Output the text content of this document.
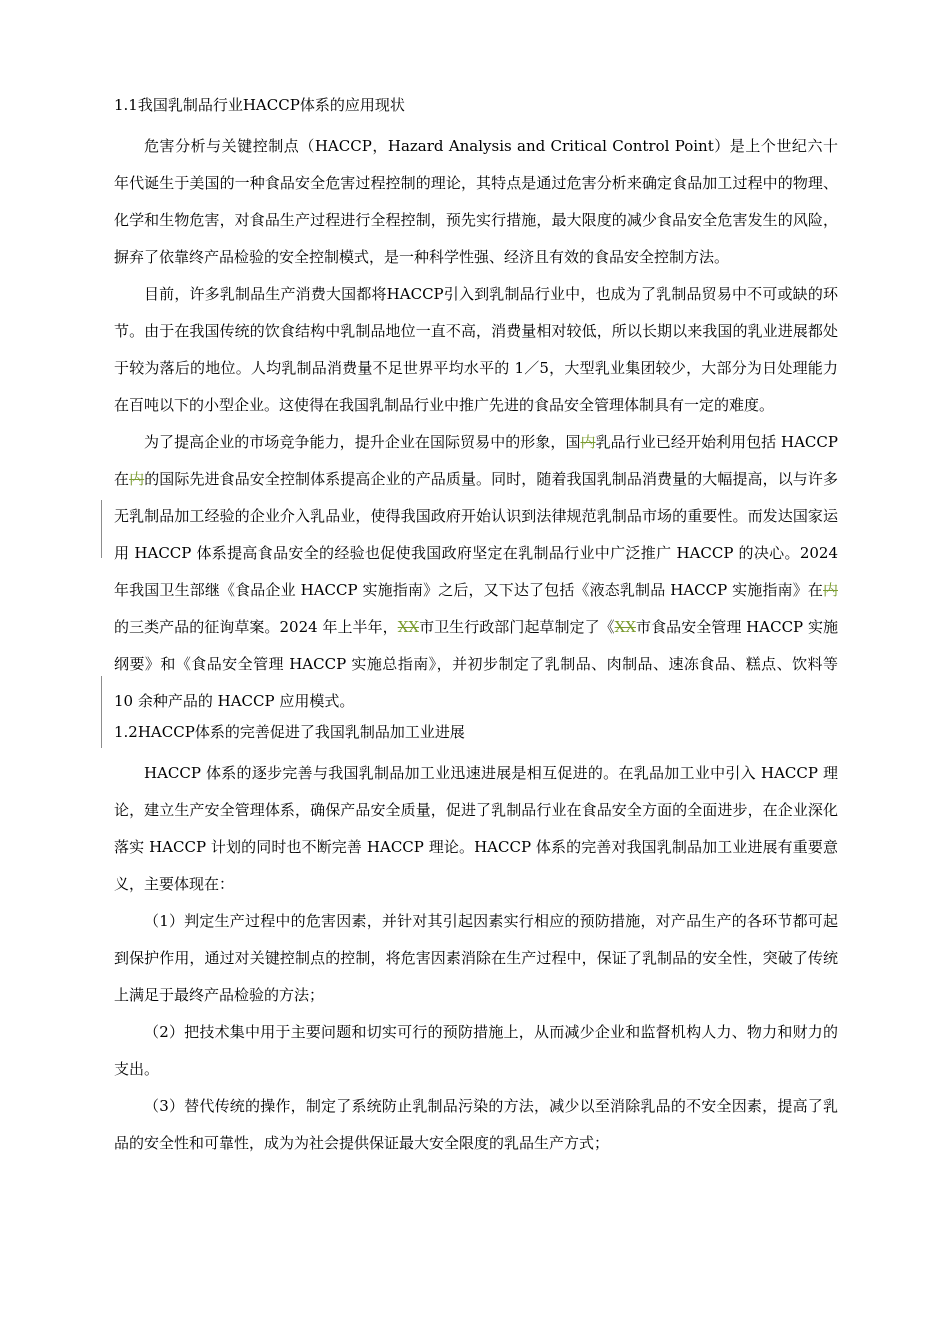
1.1我国乳制品行业HACCP体系的应用现状

危害分析与关键控制点（HACCP，Hazard Analysis and Critical Control Point）是上个世纪六十年代诞生于美国的一种食品安全危害过程控制的理论，其特点是通过危害分析来确定食品加工过程中的物理、化学和生物危害，对食品生产过程进行全程控制，预先实行措施，最大限度的减少食品安全危害发生的风险，摒弃了依靠终产品检验的安全控制模式，是一种科学性强、经济且有效的食品安全控制方法。

目前，许多乳制品生产消费大国都将HACCP引入到乳制品行业中，也成为了乳制品贸易中不可或缺的环节。由于在我国传统的饮食结构中乳制品地位一直不高，消费量相对较低，所以长期以来我国的乳业进展都处于较为落后的地位。人均乳制品消费量不足世界平均水平的 1／5，大型乳业集团较少，大部分为日处理能力在百吨以下的小型企业。这使得在我国乳制品行业中推广先进的食品安全管理体制具有一定的难度。

为了提高企业的市场竞争能力，提升企业在国际贸易中的形象，国内乳品行业已经开始利用包括 HACCP 在内的国际先进食品安全控制体系提高企业的产品质量。同时，随着我国乳制品消费量的大幅提高，以与许多无乳制品加工经验的企业介入乳品业，使得我国政府开始认识到法律规范乳制品市场的重要性。而发达国家运用 HACCP 体系提高食品安全的经验也促使我国政府坚定在乳制品行业中广泛推广 HACCP 的决心。2024 年我国卫生部继《食品企业 HACCP 实施指南》之后，又下达了包括《液态乳制品 HACCP 实施指南》在内的三类产品的征询草案。2024 年上半年，XX市卫生行政部门起草制定了《XX市食品安全管理 HACCP 实施纲要》和《食品安全管理 HACCP 实施总指南》，并初步制定了乳制品、肉制品、速冻食品、糕点、饮料等 10 余种产品的 HACCP 应用模式。

1.2HACCP体系的完善促进了我国乳制品加工业进展

HACCP 体系的逐步完善与我国乳制品加工业迅速进展是相互促进的。在乳品加工业中引入 HACCP 理论，建立生产安全管理体系，确保产品安全质量，促进了乳制品行业在食品安全方面的全面进步，在企业深化落实 HACCP 计划的同时也不断完善 HACCP 理论。HACCP 体系的完善对我国乳制品加工业进展有重要意义，主要体现在：

（1）判定生产过程中的危害因素，并针对其引起因素实行相应的预防措施，对产品生产的各环节都可起到保护作用，通过对关键控制点的控制，将危害因素消除在生产过程中，保证了乳制品的安全性，突破了传统上满足于最终产品检验的方法；

（2）把技术集中用于主要问题和切实可行的预防措施上，从而减少企业和监督机构人力、物力和财力的支出。

（3）替代传统的操作，制定了系统防止乳制品污染的方法，减少以至消除乳品的不安全因素，提高了乳品的安全性和可靠性，成为为社会提供保证最大安全限度的乳品生产方式；
